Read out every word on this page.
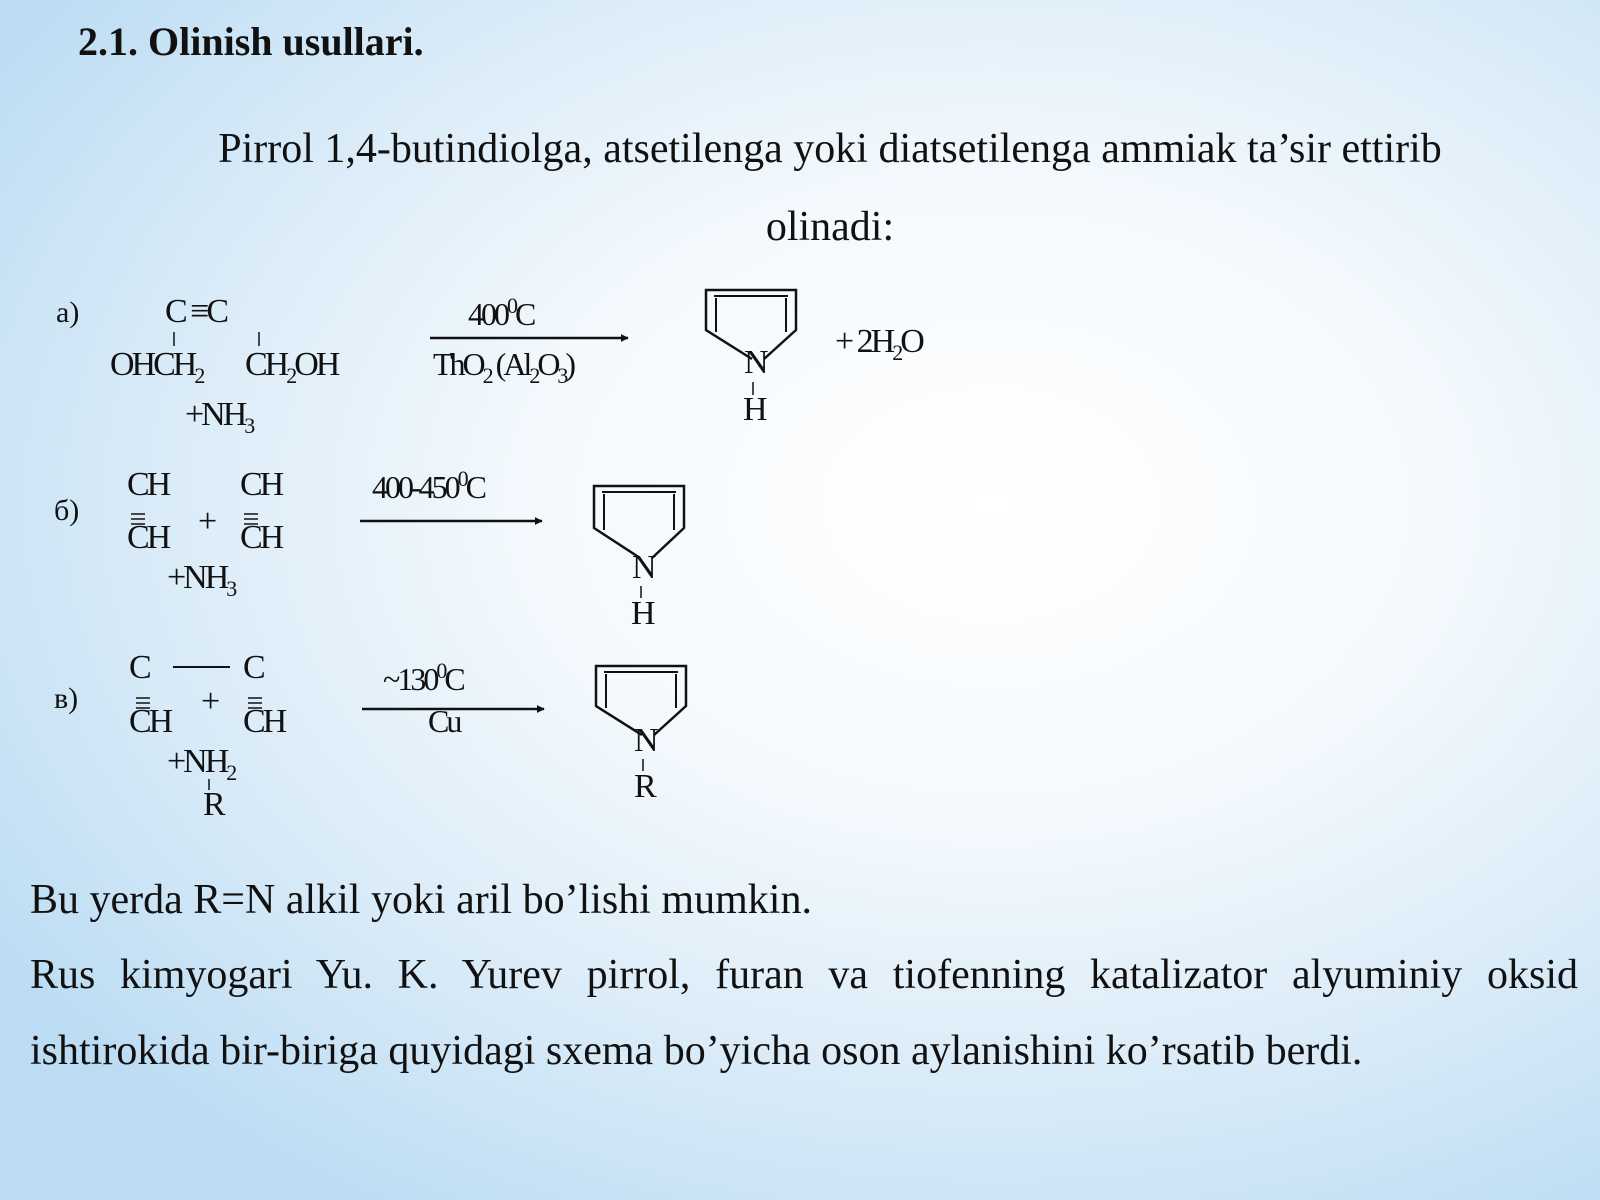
2.1. Olinish usullari.

Pirrol 1,4-butindiolga, atsetilenga yoki diatsetilenga ammiak ta’sir ettirib olinadi:

a)	C ≡C
$OHCH_2$ $CH_2OH$
$+NH_3$
$400^0C$
ThO$_2$ $(Al_2O_3)$	N
H
+ $2H_2O$
б)
CH CH
+
CH CH
$+NH_3$
$400-450^0C$
N
H
в)
C	C
+
CH CH
$+NH_2$
R
$\sim 130^0C$
Cu
N
R

Bu yerda R=N alkil yoki aril bo’lishi mumkin.

Rus kimyogari Yu. K. Yurev pirrol, furan va tiofenning katalizator alyuminiy oksid ishtirokida bir-biriga quyidagi sxema bo’yicha oson aylanishini ko’rsatib berdi.
